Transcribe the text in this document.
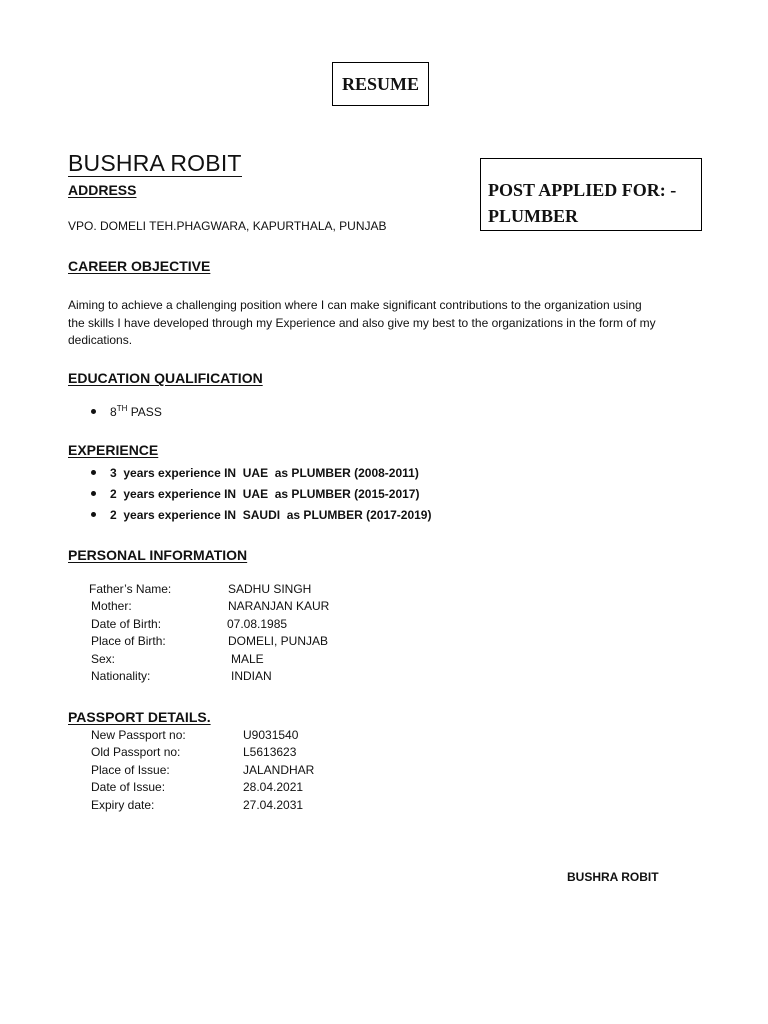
RESUME
BUSHRA ROBIT
POST APPLIED FOR: -
PLUMBER
ADDRESS
VPO. DOMELI TEH.PHAGWARA, KAPURTHALA, PUNJAB
CAREER OBJECTIVE
Aiming to achieve a challenging position where I can make significant contributions to the organization using
the skills I have developed through my Experience and also give my best to the organizations in the form of my
dedications.
EDUCATION QUALIFICATION
8TH PASS
EXPERIENCE
3  years experience IN  UAE  as PLUMBER (2008-2011)
2  years experience IN  UAE  as PLUMBER (2015-2017)
2  years experience IN  SAUDI  as PLUMBER (2017-2019)
PERSONAL INFORMATION
Father’s Name:	SADHU SINGH
Mother:	NARANJAN KAUR
Date of Birth:	07.08.1985
Place of Birth:	DOMELI, PUNJAB
Sex:	MALE
Nationality:	INDIAN
PASSPORT DETAILS.
New Passport no:	U9031540
Old Passport no:	L5613623
Place of Issue:	JALANDHAR
Date of Issue:	28.04.2021
Expiry date:	27.04.2031
BUSHRA ROBIT
